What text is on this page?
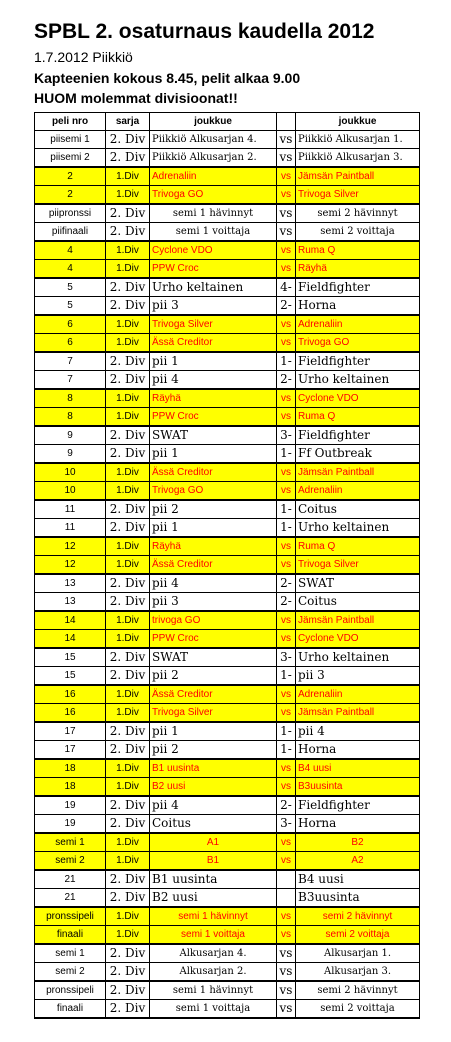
SPBL 2. osaturnaus kaudella 2012
1.7.2012 Piikkiö
Kapteenien kokous 8.45, pelit alkaa 9.00
HUOM molemmat divisioonat!!
peli nro	sarja	joukkue		joukkue
piisemi 1	2. Div	Piikkiö Alkusarjan 4.	vs	Piikkiö Alkusarjan 1.
piisemi 2	2. Div	Piikkiö Alkusarjan 2.	vs	Piikkiö Alkusarjan 3.
2	1.Div	Adrenaliin	vs	Jämsän Paintball
2	1.Div	Trivoga GO	vs	Trivoga Silver
piipronssi	2. Div	semi 1 hävinnyt	vs	semi 2 hävinnyt
piifinaali	2. Div	semi 1 voittaja	vs	semi 2 voittaja
4	1.Div	Cyclone VDO	vs	Ruma Q
4	1.Div	PPW Croc	vs	Räyhä
5	2. Div	Urho keltainen	4-	Fieldfighter
5	2. Div	pii 3	2-	Horna
6	1.Div	Trivoga Silver	vs	Adrenaliin
6	1.Div	Ässä Creditor	vs	Trivoga GO
7	2. Div	pii 1	1-	Fieldfighter
7	2. Div	pii 4	2-	Urho keltainen
8	1.Div	Räyhä	vs	Cyclone VDO
8	1.Div	PPW Croc	vs	Ruma Q
9	2. Div	SWAT	3-	Fieldfighter
9	2. Div	pii 1	1-	Ff Outbreak
10	1.Div	Ässä Creditor	vs	Jämsän Paintball
10	1.Div	Trivoga GO	vs	Adrenaliin
11	2. Div	pii 2	1-	Coitus
11	2. Div	pii 1	1-	Urho keltainen
12	1.Div	Räyhä	vs	Ruma Q
12	1.Div	Ässä Creditor	vs	Trivoga Silver
13	2. Div	pii 4	2-	SWAT
13	2. Div	pii 3	2-	Coitus
14	1.Div	trivoga GO	vs	Jämsän Paintball
14	1.Div	PPW Croc	vs	Cyclone VDO
15	2. Div	SWAT	3-	Urho keltainen
15	2. Div	pii 2	1-	pii 3
16	1.Div	Ässä Creditor	vs	Adrenaliin
16	1.Div	Trivoga Silver	vs	Jämsän Paintball
17	2. Div	pii 1	1-	pii 4
17	2. Div	pii 2	1-	Horna
18	1.Div	B1 uusinta	vs	B4 uusi
18	1.Div	B2 uusi	vs	B3uusinta
19	2. Div	pii 4	2-	Fieldfighter
19	2. Div	Coitus	3-	Horna
semi 1	1.Div	A1	vs	B2
semi 2	1.Div	B1	vs	A2
21	2. Div	B1 uusinta		B4 uusi
21	2. Div	B2 uusi		B3uusinta
pronssipeli	1.Div	semi 1 hävinnyt	vs	semi 2 hävinnyt
finaali	1.Div	semi 1 voittaja	vs	semi 2 voittaja
semi 1	2. Div	Alkusarjan 4.	vs	Alkusarjan 1.
semi 2	2. Div	Alkusarjan 2.	vs	Alkusarjan 3.
pronssipeli	2. Div	semi 1 hävinnyt	vs	semi 2 hävinnyt
finaali	2. Div	semi 1 voittaja	vs	semi 2 voittaja
